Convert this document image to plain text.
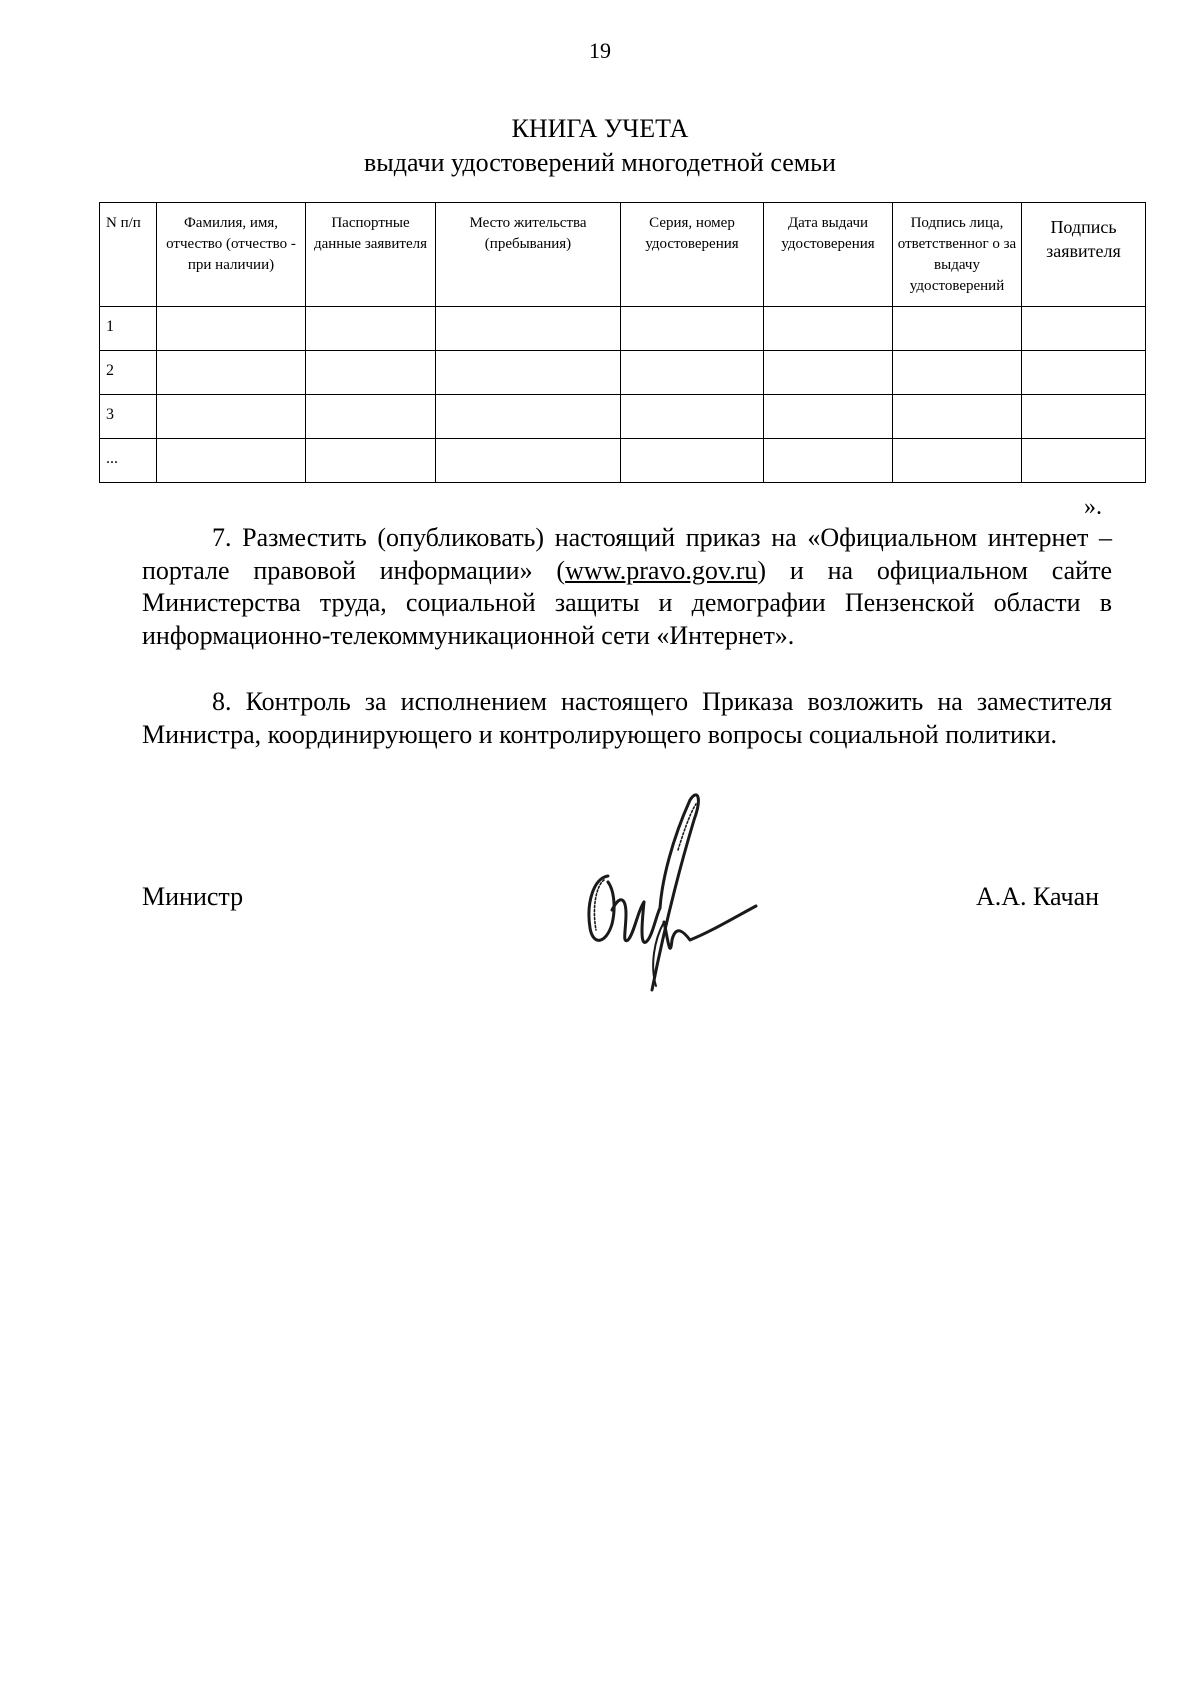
19
КНИГА УЧЕТА
выдачи удостоверений многодетной семьи
N п/п	Фамилия, имя, отчество (отчество - при наличии)	Паспортные данные заявителя	Место жительства (пребывания)	Серия, номер удостоверения	Дата выдачи удостоверения	Подпись лица, ответственног о за выдачу удостоверений	Подпись заявителя
1							
2							
3							
...							
».
7. Разместить (опубликовать) настоящий приказ на «Официальном интернет – портале правовой информации» (www.pravo.gov.ru) и на официальном сайте Министерства труда, социальной защиты и демографии Пензенской области в информационно-телекоммуникационной сети «Интернет».
8. Контроль за исполнением настоящего Приказа возложить на заместителя Министра, координирующего и контролирующего вопросы социальной политики.
Министр	А.А. Качан
